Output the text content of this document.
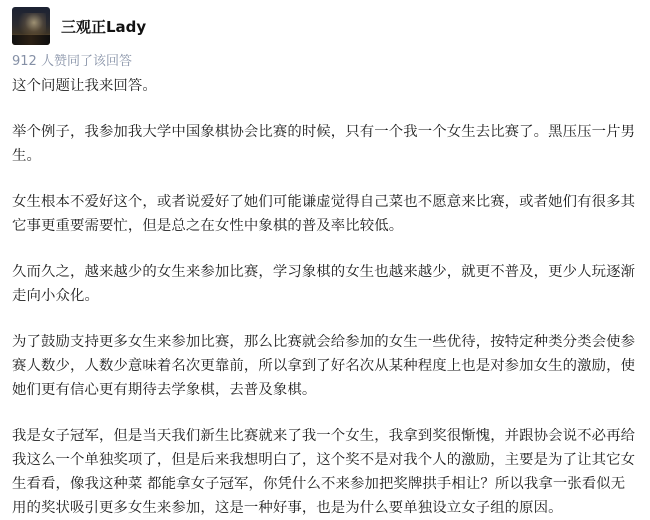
三观正Lady
912 人赞同了该回答

这个问题让我来回答。

举个例子，我参加我大学中国象棋协会比赛的时候，只有一个我一个女生去比赛了。黑压压一片男生。

女生根本不爱好这个，或者说爱好了她们可能谦虚觉得自己菜也不愿意来比赛，或者她们有很多其它事更重要需要忙，但是总之在女性中象棋的普及率比较低。

久而久之，越来越少的女生来参加比赛，学习象棋的女生也越来越少，就更不普及，更少人玩逐渐走向小众化。

为了鼓励支持更多女生来参加比赛，那么比赛就会给参加的女生一些优待，按特定种类分类会使参赛人数少，人数少意味着名次更靠前，所以拿到了好名次从某种程度上也是对参加女生的激励，使她们更有信心更有期待去学象棋，去普及象棋。

我是女子冠军，但是当天我们新生比赛就来了我一个女生，我拿到奖很惭愧，并跟协会说不必再给我这么一个单独奖项了，但是后来我想明白了，这个奖不是对我个人的激励，主要是为了让其它女生看看，像我这种菜 都能拿女子冠军，你凭什么不来参加把奖牌拱手相让？所以我拿一张看似无用的奖状吸引更多女生来参加，这是一种好事，也是为什么要单独设立女子组的原因。
